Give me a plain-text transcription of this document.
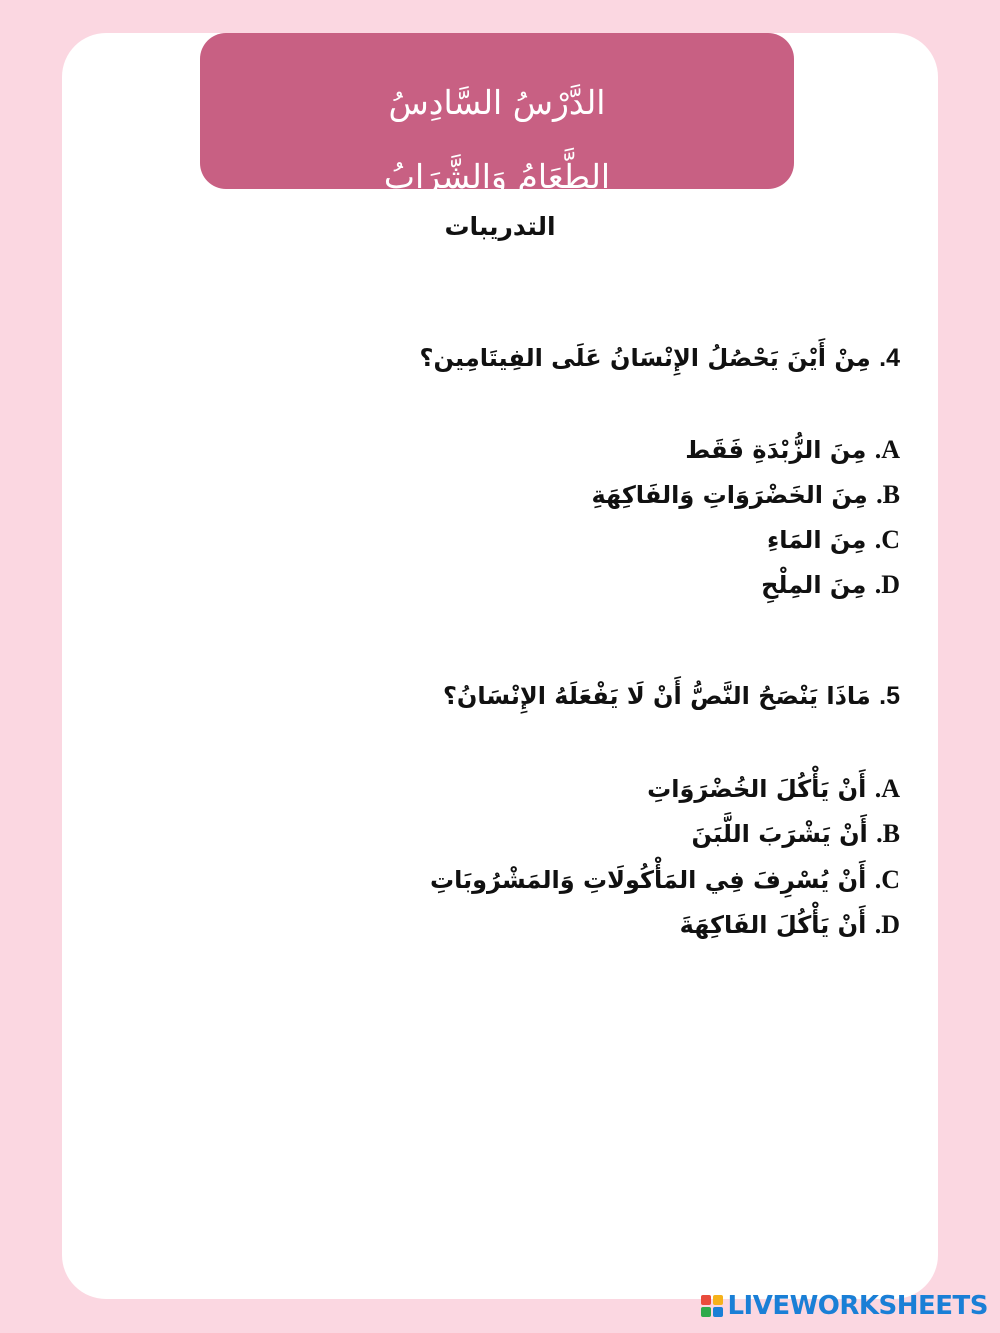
الدَّرْسُ السَّادِسُ
الطَّعَامُ وَالشَّرَابُ
التدريبات
4. مِنْ أَيْنَ يَحْصُلُ الإِنْسَانُ عَلَى الفِيتَامِين؟
A. مِنَ الزُّبْدَةِ فَقَط
B. مِنَ الخَضْرَوَاتِ وَالفَاكِهَةِ
C. مِنَ المَاءِ
D. مِنَ المِلْحِ
5. مَاذَا يَنْصَحُ النَّصُّ أَنْ لَا يَفْعَلَهُ الإِنْسَانُ؟
A. أَنْ يَأْكُلَ الخُضْرَوَاتِ
B. أَنْ يَشْرَبَ اللَّبَنَ
C. أَنْ يُسْرِفَ فِي المَأْكُولَاتِ وَالمَشْرُوبَاتِ
D. أَنْ يَأْكُلَ الفَاكِهَةَ
LIVEWORKSHEETS
